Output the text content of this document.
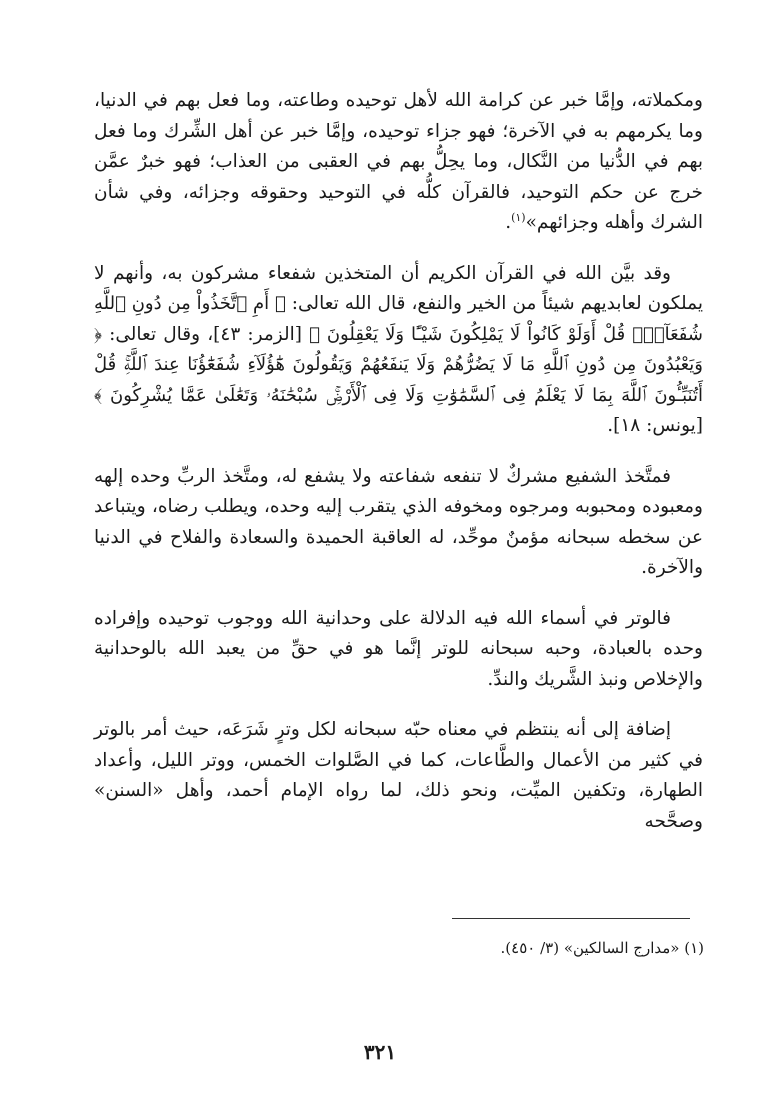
ومكملاته، وإمَّا خبر عن كرامة الله لأهل توحيده وطاعته، وما فعل بهم في الدنيا، وما يكرمهم به في الآخرة؛ فهو جزاء توحيده، وإمَّا خبر عن أهل الشِّرك وما فعل بهم في الدُّنيا من النَّكال، وما يحِلُّ بهم في العقبى من العذاب؛ فهو خبرٌ عمَّن خرج عن حكم التوحيد، فالقرآن كلُّه في التوحيد وحقوقه وجزائه، وفي شأن الشرك وأهله وجزائهم»$^{(١)}$.

وقد بيَّن الله في القرآن الكريم أن المتخذين شفعاء مشركون به، وأنهم لا يملكون لعابديهم شيئاً من الخير والنفع، قال الله تعالى: ﴿ أَمِ ٱتَّخَذُواْ مِن دُونِ ٱللَّهِ شُفَعَآءَۚ قُلْ أَوَلَوْ كَانُواْ لَا يَمْلِكُونَ شَيْـًٔا وَلَا يَعْقِلُونَ ﴾ [الزمر: ٤٣]، وقال تعالى: ﴿ وَيَعْبُدُونَ مِن دُونِ ٱللَّهِ مَا لَا يَضُرُّهُمْ وَلَا يَنفَعُهُمْ وَيَقُولُونَ هَٰٓؤُلَآءِ شُفَعَٰٓؤُنَا عِندَ ٱللَّهِۚ قُلْ أَتُنَبِّـُٔونَ ٱللَّهَ بِمَا لَا يَعْلَمُ فِى ٱلسَّمَٰوَٰتِ وَلَا فِى ٱلْأَرْضِۚ سُبْحَٰنَهُۥ وَتَعَٰلَىٰ عَمَّا يُشْرِكُونَ ﴾ [يونس: ١٨].

فمتَّخذ الشفيع مشركٌ لا تنفعه شفاعته ولا يشفع له، ومتَّخذ الربِّ وحده إلهه ومعبوده ومحبوبه ومرجوه ومخوفه الذي يتقرب إليه وحده، ويطلب رضاه، ويتباعد عن سخطه سبحانه مؤمنٌ موحِّد، له العاقبة الحميدة والسعادة والفلاح في الدنيا والآخرة.

فالوتر في أسماء الله فيه الدلالة على وحدانية الله ووجوب توحيده وإفراده وحده بالعبادة، وحبه سبحانه للوتر إنَّما هو في حقِّ من يعبد الله بالوحدانية والإخلاص ونبذ الشَّريك والندِّ.

إضافة إلى أنه ينتظم في معناه حبّه سبحانه لكل وترٍ شَرَعَه، حيث أمر بالوتر في كثير من الأعمال والطَّاعات، كما في الصَّلوات الخمس، ووتر الليل، وأعداد الطهارة، وتكفين الميِّت، ونحو ذلك، لما رواه الإمام أحمد، وأهل «السنن» وصحَّحه

(١) «مدارج السالكين» (٣/ ٤٥٠).
٣٢١
